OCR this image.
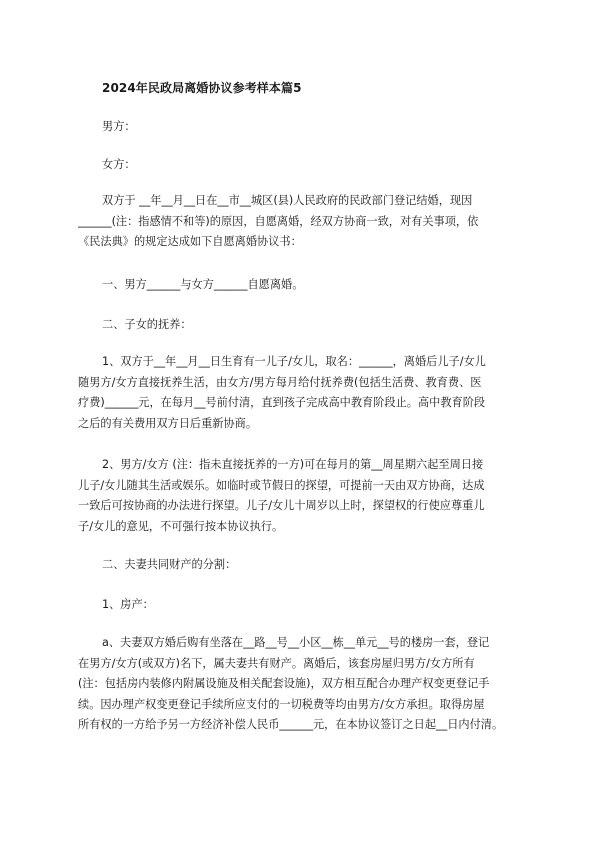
2024年民政局离婚协议参考样本篇5
男方：
女方：
双方于 __年__月__日在__市__城区(县)人民政府的民政部门登记结婚，现因
______(注：指感情不和等)的原因，自愿离婚，经双方协商一致，对有关事项，依
《民法典》的规定达成如下自愿离婚协议书：
一、男方______与女方______自愿离婚。
二、子女的抚养：
1、双方于__年__月__日生育有一儿子/女儿，取名：______，离婚后儿子/女儿
随男方/女方直接抚养生活，由女方/男方每月给付抚养费(包括生活费、教育费、医
疗费)______元，在每月__号前付清，直到孩子完成高中教育阶段止。高中教育阶段
之后的有关费用双方日后重新协商。
2、男方/女方 (注：指未直接抚养的一方)可在每月的第__周星期六起至周日接
儿子/女儿随其生活或娱乐。如临时或节假日的探望，可提前一天由双方协商，达成
一致后可按协商的办法进行探望。儿子/女儿十周岁以上时，探望权的行使应尊重儿
子/女儿的意见，不可强行按本协议执行。
二、夫妻共同财产的分割：
1、房产：
a、夫妻双方婚后购有坐落在__路__号__小区__栋__单元__号的楼房一套，登记
在男方/女方(或双方)名下，属夫妻共有财产。离婚后，该套房屋归男方/女方所有
(注：包括房内装修内附属设施及相关配套设施)，双方相互配合办理产权变更登记手
续。因办理产权变更登记手续所应支付的一切税费等均由男方/女方承担。取得房屋
所有权的一方给予另一方经济补偿人民币______元，在本协议签订之日起__日内付清。
